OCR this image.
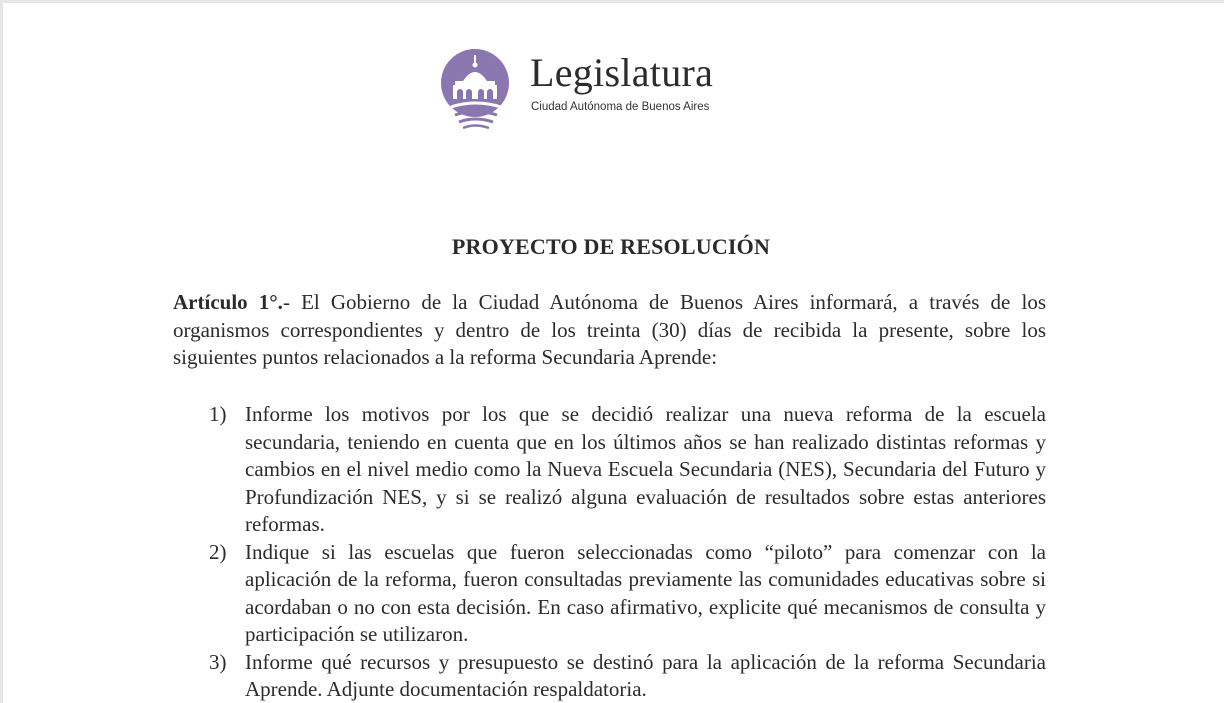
Legislatura
Ciudad Autónoma de Buenos Aires
PROYECTO DE RESOLUCIÓN
Artículo 1°.- El Gobierno de la Ciudad Autónoma de Buenos Aires informará, a través de los organismos correspondientes y dentro de los treinta (30) días de recibida la presente, sobre los siguientes puntos relacionados a la reforma Secundaria Aprende:
1) Informe los motivos por los que se decidió realizar una nueva reforma de la escuela secundaria, teniendo en cuenta que en los últimos años se han realizado distintas reformas y cambios en el nivel medio como la Nueva Escuela Secundaria (NES), Secundaria del Futuro y Profundización NES, y si se realizó alguna evaluación de resultados sobre estas anteriores reformas.
2) Indique si las escuelas que fueron seleccionadas como “piloto” para comenzar con la aplicación de la reforma, fueron consultadas previamente las comunidades educativas sobre si acordaban o no con esta decisión. En caso afirmativo, explicite qué mecanismos de consulta y participación se utilizaron.
3) Informe qué recursos y presupuesto se destinó para la aplicación de la reforma Secundaria Aprende. Adjunte documentación respaldatoria.
